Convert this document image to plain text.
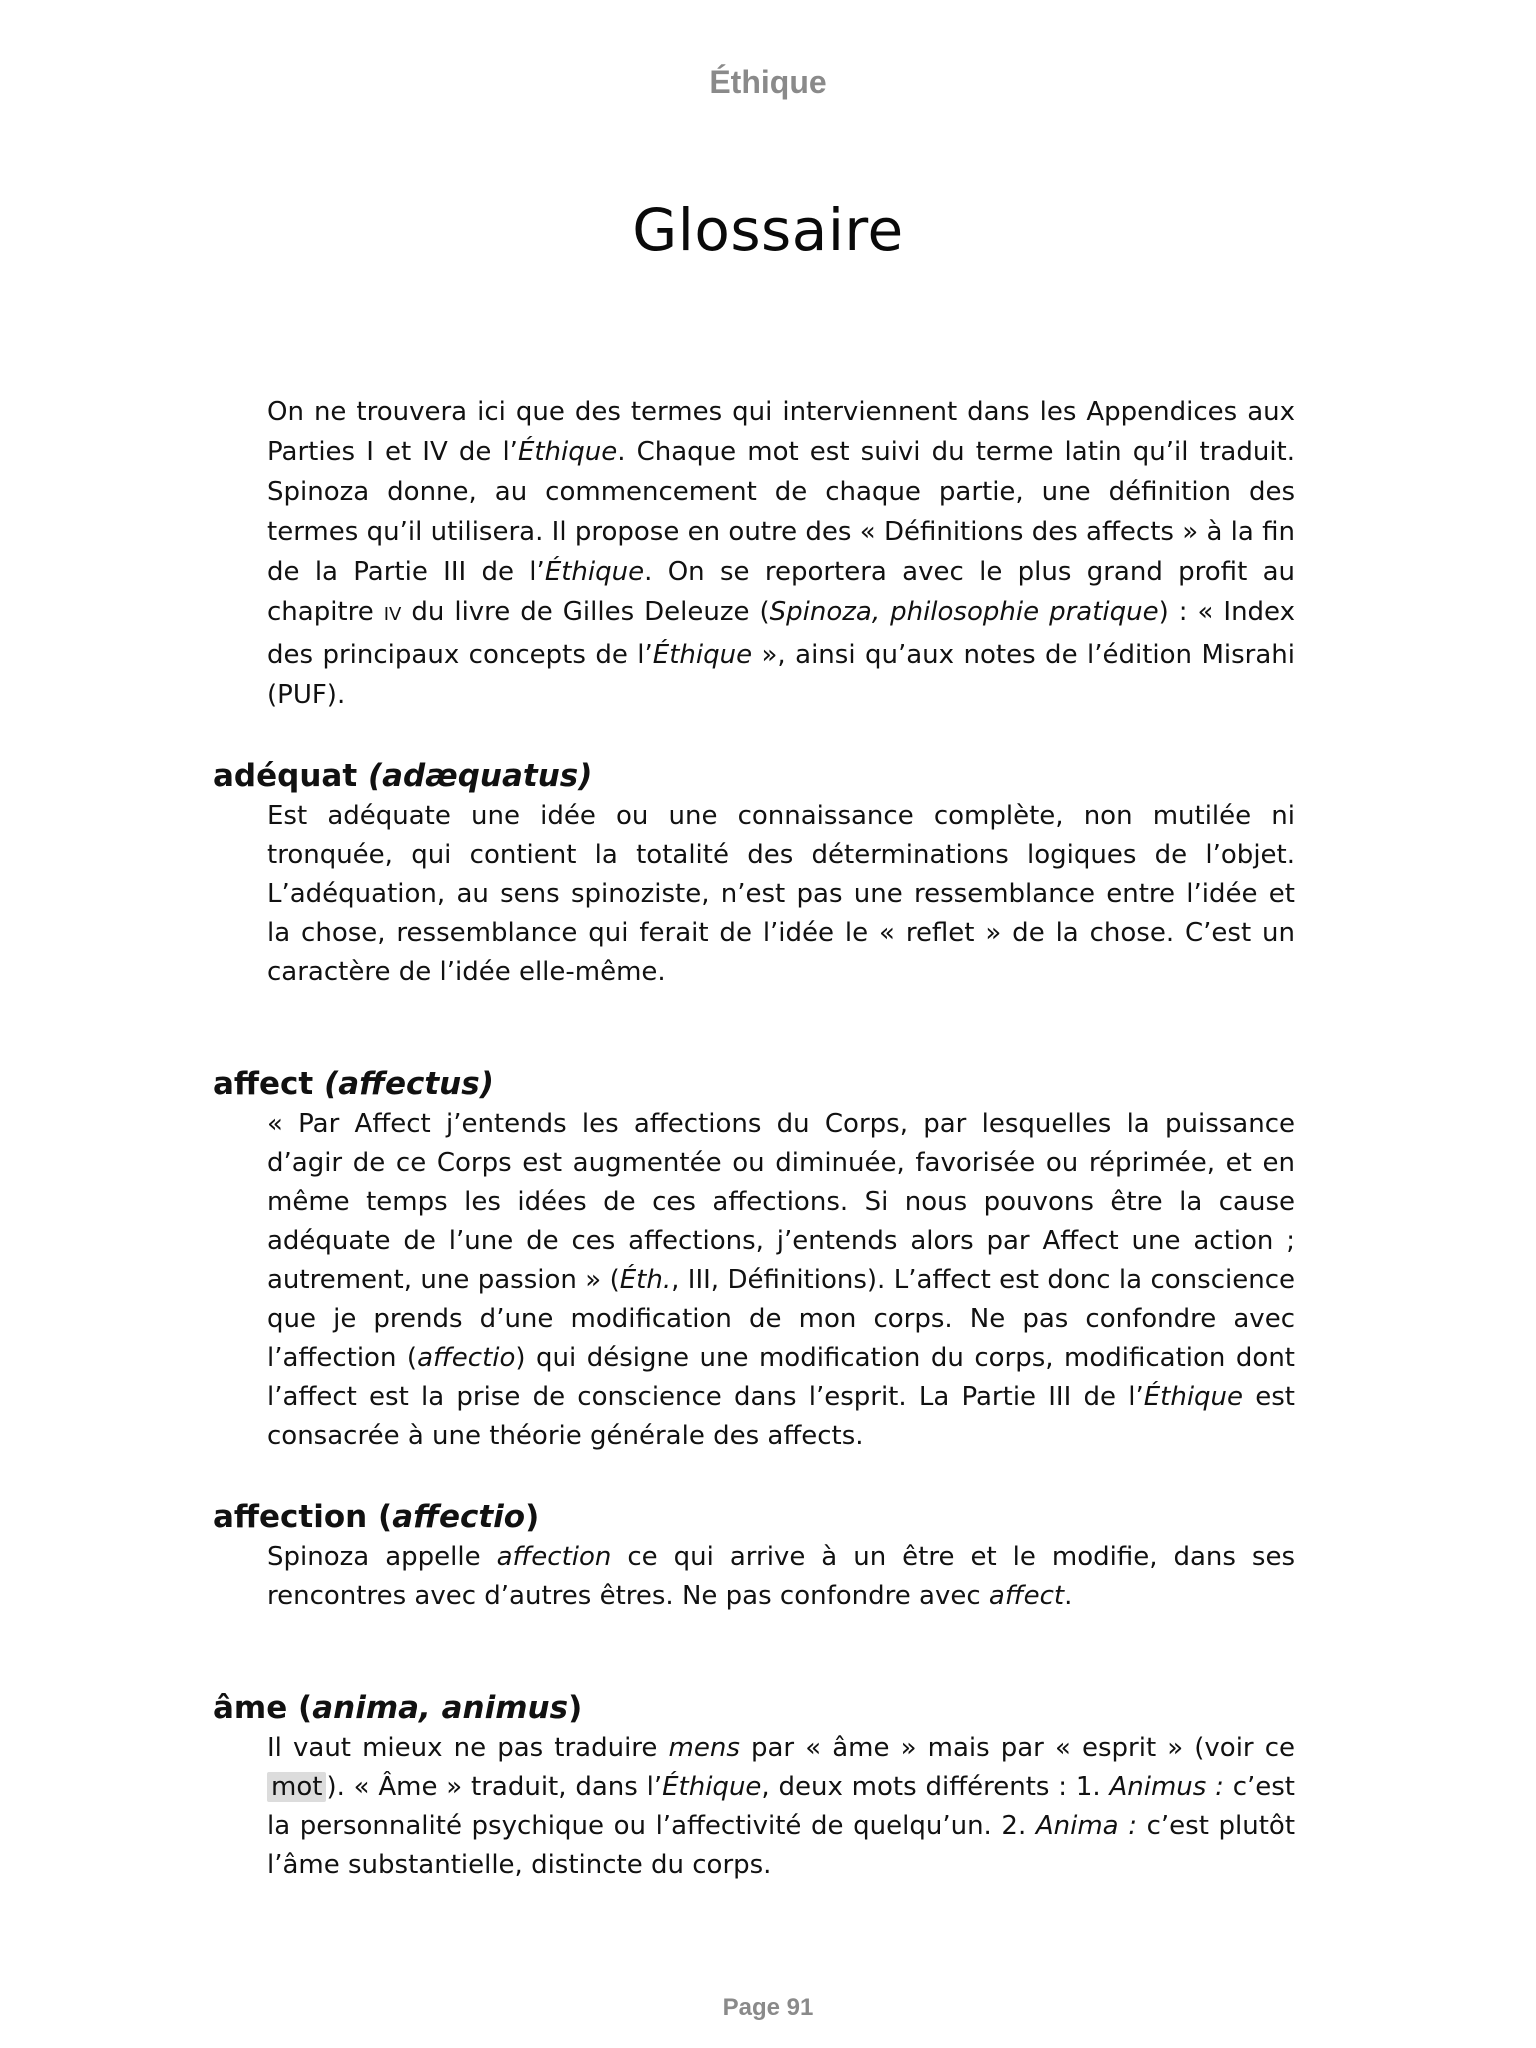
Éthique
Glossaire

On ne trouvera ici que des termes qui interviennent dans les Appendices aux Parties I et IV de l’Éthique. Chaque mot est suivi du terme latin qu’il traduit. Spinoza donne, au commencement de chaque partie, une définition des termes qu’il utilisera. Il propose en outre des « Définitions des affects » à la fin de la Partie III de l’Éthique. On se reportera avec le plus grand profit au chapitre IV du livre de Gilles Deleuze (Spinoza, philosophie pratique) : « Index des principaux concepts de l’Éthique », ainsi qu’aux notes de l’édition Misrahi (PUF).

adéquat (adæquatus)

Est adéquate une idée ou une connaissance complète, non mutilée ni tronquée, qui contient la totalité des déterminations logiques de l’objet. L’adéquation, au sens spinoziste, n’est pas une ressemblance entre l’idée et la chose, ressemblance qui ferait de l’idée le « reflet » de la chose. C’est un caractère de l’idée elle-même.

affect (affectus)

« Par Affect j’entends les affections du Corps, par lesquelles la puissance d’agir de ce Corps est augmentée ou diminuée, favorisée ou réprimée, et en même temps les idées de ces affections. Si nous pouvons être la cause adéquate de l’une de ces affections, j’entends alors par Affect une action ; autrement, une passion » (Éth., III, Définitions). L’affect est donc la conscience que je prends d’une modification de mon corps. Ne pas confondre avec l’affection (affectio) qui désigne une modification du corps, modification dont l’affect est la prise de conscience dans l’esprit. La Partie III de l’Éthique est consacrée à une théorie générale des affects.

affection (affectio)

Spinoza appelle affection ce qui arrive à un être et le modifie, dans ses rencontres avec d’autres êtres. Ne pas confondre avec affect.

âme (anima, animus)

Il vaut mieux ne pas traduire mens par « âme » mais par « esprit » (voir ce mot ). « Âme » traduit, dans l’Éthique, deux mots différents : 1. Animus : c’est la personnalité psychique ou l’affectivité de quelqu’un. 2. Anima : c’est plutôt l’âme substantielle, distincte du corps.

Page 91
